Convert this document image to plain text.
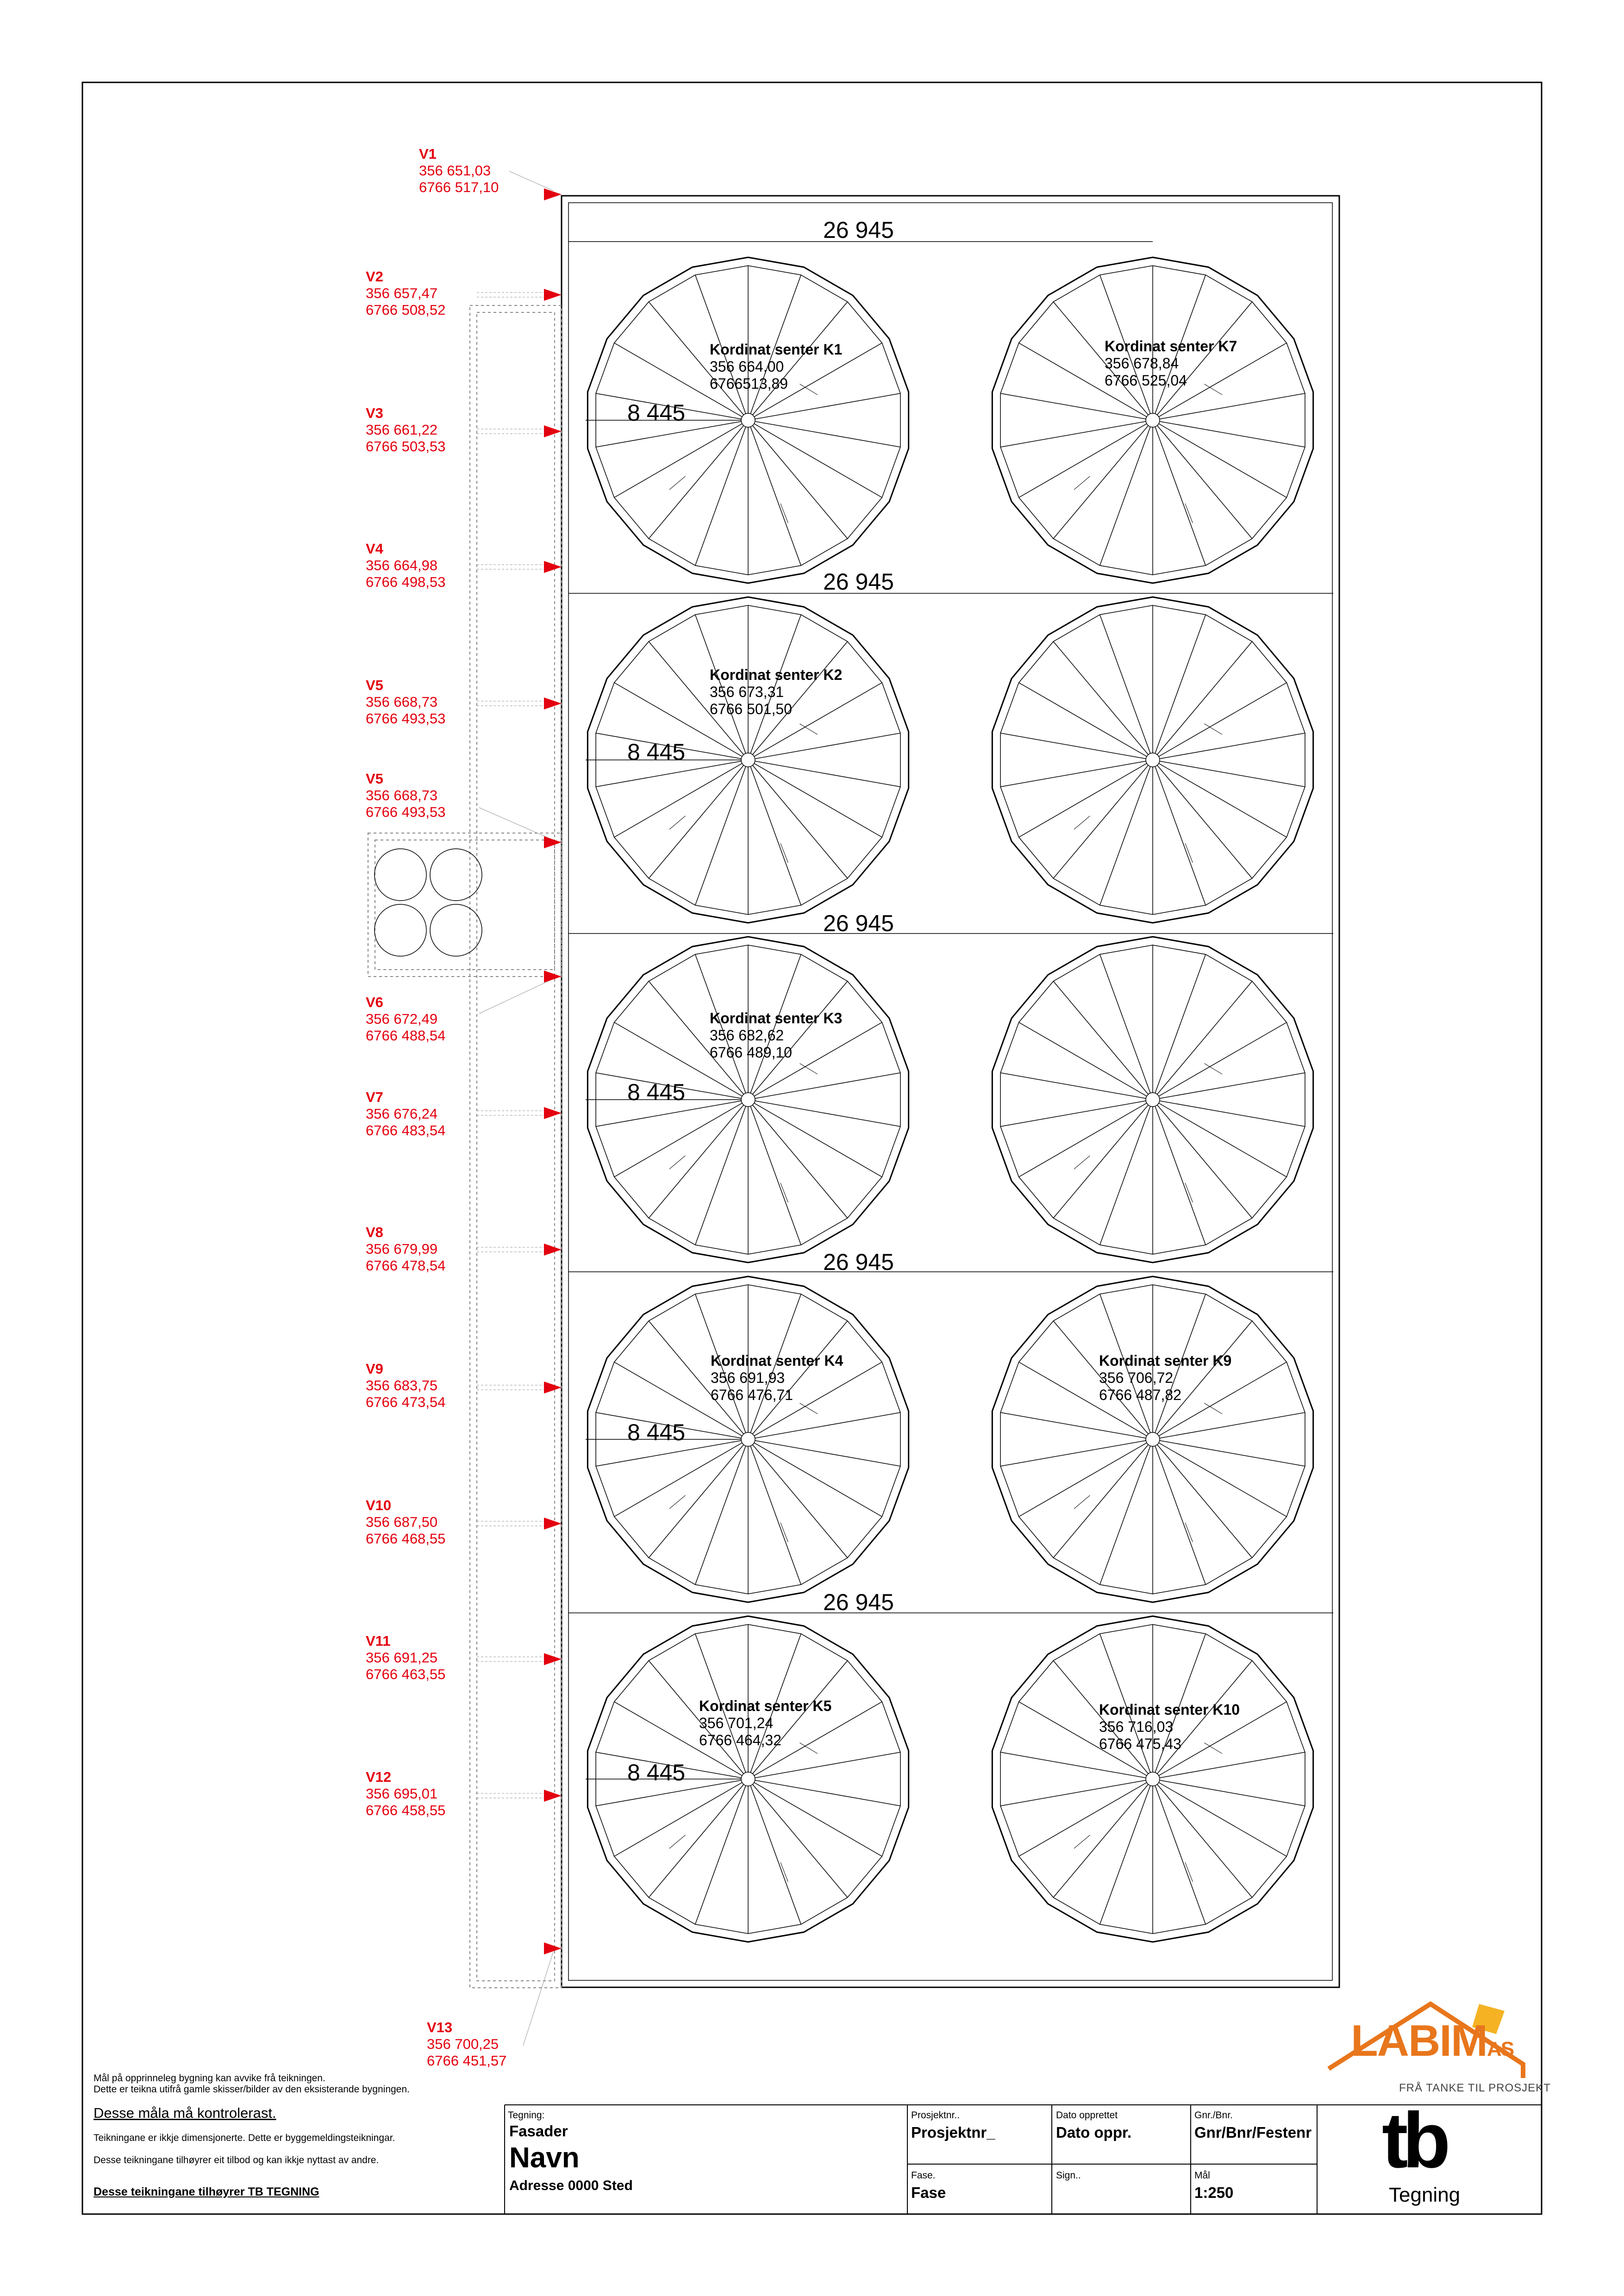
V1
356 651,03
6766 517,10
V2
356 657,47
6766 508,52
V3
356 661,22
6766 503,53
V4
356 664,98
6766 498,53
V5
356 668,73
6766 493,53
V5
356 668,73
6766 493,53
V6
356 672,49
6766 488,54
V7
356 676,24
6766 483,54
V8
356 679,99
6766 478,54
V9
356 683,75
6766 473,54
V10
356 687,50
6766 468,55
V11
356 691,25
6766 463,55
V12
356 695,01
6766 458,55
V13
356 700,25
6766 451,57
26 945
26 945
26 945
26 945
26 945
8 445
8 445
8 445
8 445
8 445
Kordinat senter K1
356 664,00
6766513,89
Kordinat senter K7
356 678,84
6766 525,04
Kordinat senter K2
356 673,31
6766 501,50
Kordinat senter K3
356 682,62
6766 489,10
Kordinat senter K4
356 691,93
6766 476,71
Kordinat senter K9
356 706,72
6766 487,82
Kordinat senter K5
356 701,24
6766 464,32
Kordinat senter K10
356 716,03
6766 475,43
Mål på opprinneleg bygning kan avvike frå teikningen.
Dette er teikna utifrå gamle skisser/bilder av den eksisterande bygningen.
Desse måla må kontrolerast.
Teikningane er ikkje dimensjonerte. Dette er byggemeldingsteikningar.
Desse teikningane tilhøyrer eit tilbod og kan ikkje nyttast av andre.
Desse teikningane tilhøyrer TB TEGNING
Tegning:
Fasader
Navn
Adresse 0000 Sted
Prosjektnr..
Prosjektnr_
Fase.
Fase
Dato opprettet
Dato oppr.
Sign..
Gnr./Bnr.
Gnr/Bnr/Festenr
Mål
1:250
LABIMAS
FRÅ TANKE TIL PROSJEKT
tb
Tegning
